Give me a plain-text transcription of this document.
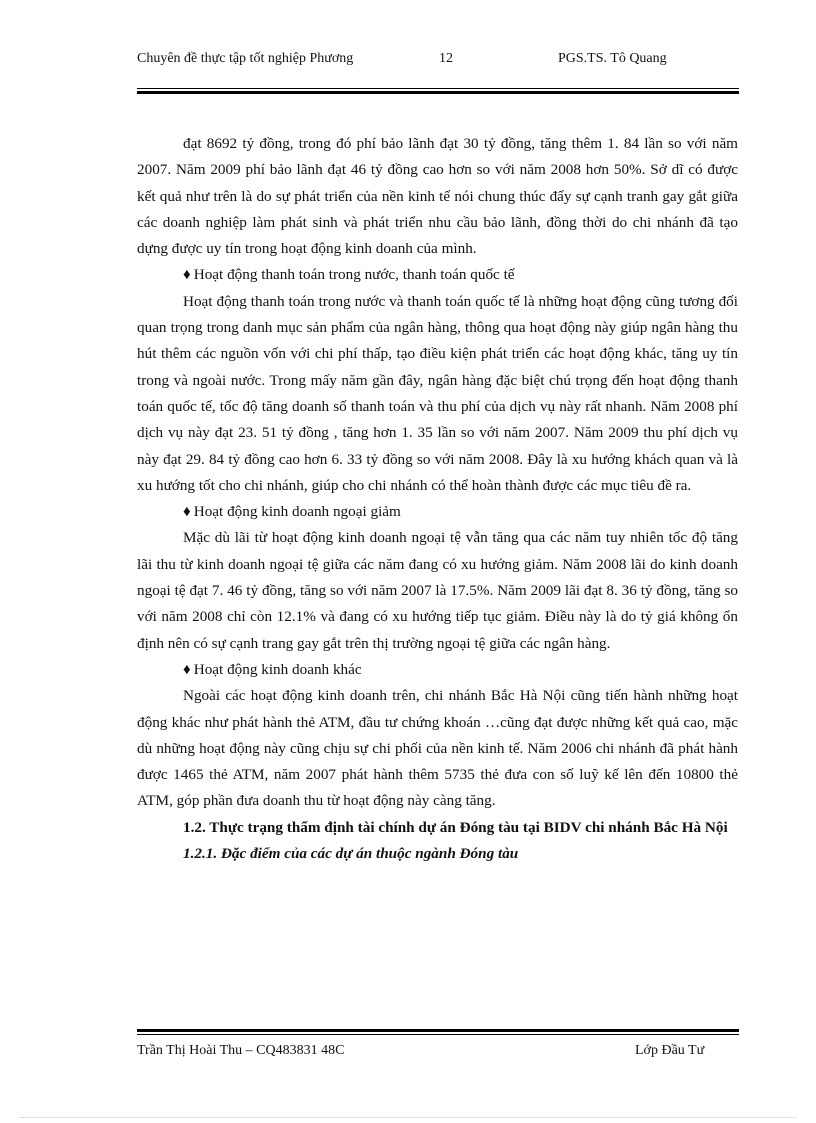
Chuyên đề thực tập tốt nghiệp Phương	12	PGS.TS. Tô Quang

đạt 8692 tỷ đồng, trong đó phí bảo lãnh đạt 30 tỷ đồng, tăng thêm 1. 84 lần so với năm 2007. Năm 2009 phí bảo lãnh đạt 46 tỷ đồng cao hơn so với năm 2008 hơn 50%. Sở dĩ có được kết quả như trên là do sự phát triển của nền kinh tế nói chung thúc đẩy sự cạnh tranh gay gắt giữa các doanh nghiệp làm phát sinh và phát triển nhu cầu bảo lãnh, đồng thời do chi nhánh đã tạo dựng được uy tín trong hoạt động kinh doanh của mình.

♦ Hoạt động thanh toán trong nước, thanh toán quốc tế

Hoạt động thanh toán trong nước và thanh toán quốc tế là những hoạt động cũng tương đối quan trọng trong danh mục sản phẩm của ngân hàng, thông qua hoạt động này giúp ngân hàng thu hút thêm các nguồn vốn với chi phí thấp, tạo điều kiện phát triển các hoạt động khác, tăng uy tín trong và ngoài nước. Trong mấy năm gần đây, ngân hàng đặc biệt chú trọng đến hoạt động thanh toán quốc tế, tốc độ tăng doanh số thanh toán và thu phí của dịch vụ này rất nhanh. Năm 2008 phí dịch vụ này đạt 23. 51 tỷ đồng , tăng hơn 1. 35 lần so với năm 2007. Năm 2009 thu phí dịch vụ này đạt 29. 84 tỷ đồng cao hơn 6. 33 tỷ đồng so với năm 2008. Đây là xu hướng khách quan và là xu hướng tốt cho chi nhánh, giúp cho chi nhánh có thể hoàn thành được các mục tiêu đề ra.

♦ Hoạt động kinh doanh ngoại giảm

Mặc dù lãi từ hoạt động kinh doanh ngoại tệ vẫn tăng qua các năm tuy nhiên tốc độ tăng lãi thu từ kinh doanh ngoại tệ giữa các năm đang có xu hướng giảm. Năm 2008 lãi do kinh doanh ngoại tệ đạt 7. 46 tỷ đồng, tăng so với năm 2007 là 17.5%. Năm 2009 lãi đạt 8. 36 tỷ đồng, tăng so với năm 2008 chỉ còn 12.1% và đang có xu hướng tiếp tục giảm. Điều này là do tỷ giá không ổn định nên có sự cạnh trang gay gắt trên thị trường ngoại tệ giữa các ngân hàng.

♦ Hoạt động kinh doanh khác

Ngoài các hoạt động kinh doanh trên, chi nhánh Bắc Hà Nội cũng tiến hành những hoạt động khác như phát hành thẻ ATM, đầu tư chứng khoán …cũng đạt được những kết quả cao, mặc dù những hoạt động này cũng chịu sự chi phối của nền kinh tế. Năm 2006 chi nhánh đã phát hành được 1465 thẻ ATM, năm 2007 phát hành thêm 5735 thẻ đưa con số luỹ kế lên đến 10800 thẻ ATM, góp phần đưa doanh thu từ hoạt động này càng tăng.

1.2. Thực trạng thẩm định tài chính dự án Đóng tàu tại BIDV chi nhánh Bắc Hà Nội

1.2.1. Đặc điểm của các dự án thuộc ngành Đóng tàu

Trần Thị Hoài Thu – CQ483831 48C	Lớp Đầu Tư
